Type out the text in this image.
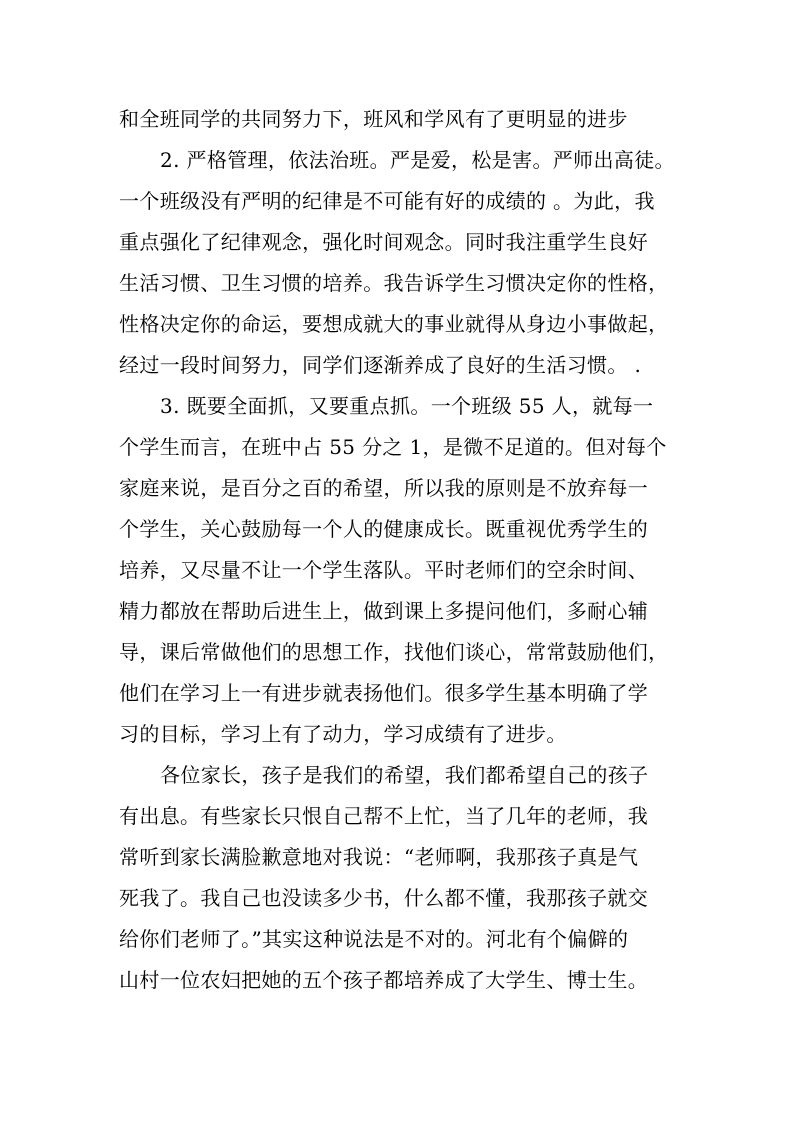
和全班同学的共同努力下，班风和学风有了更明显的进步
2. 严格管理，依法治班。严是爱，松是害。严师出高徒。
一个班级没有严明的纪律是不可能有好的成绩的 。为此，我
重点强化了纪律观念，强化时间观念。同时我注重学生良好
生活习惯、卫生习惯的培养。我告诉学生习惯决定你的性格，
性格决定你的命运，要想成就大的事业就得从身边小事做起，
经过一段时间努力，同学们逐渐养成了良好的生活习惯。 .
3. 既要全面抓，又要重点抓。一个班级 55 人，就每一
个学生而言，在班中占 55 分之 1，是微不足道的。但对每个
家庭来说，是百分之百的希望，所以我的原则是不放弃每一
个学生，关心鼓励每一个人的健康成长。既重视优秀学生的
培养，又尽量不让一个学生落队。平时老师们的空余时间、
精力都放在帮助后进生上，做到课上多提问他们，多耐心辅
导，课后常做他们的思想工作，找他们谈心，常常鼓励他们，
他们在学习上一有进步就表扬他们。很多学生基本明确了学
习的目标，学习上有了动力，学习成绩有了进步。
各位家长，孩子是我们的希望，我们都希望自己的孩子
有出息。有些家长只恨自己帮不上忙，当了几年的老师，我
常听到家长满脸歉意地对我说：“老师啊，我那孩子真是气
死我了。我自己也没读多少书，什么都不懂，我那孩子就交
给你们老师了。”其实这种说法是不对的。河北有个偏僻的
山村一位农妇把她的五个孩子都培养成了大学生、博士生。
